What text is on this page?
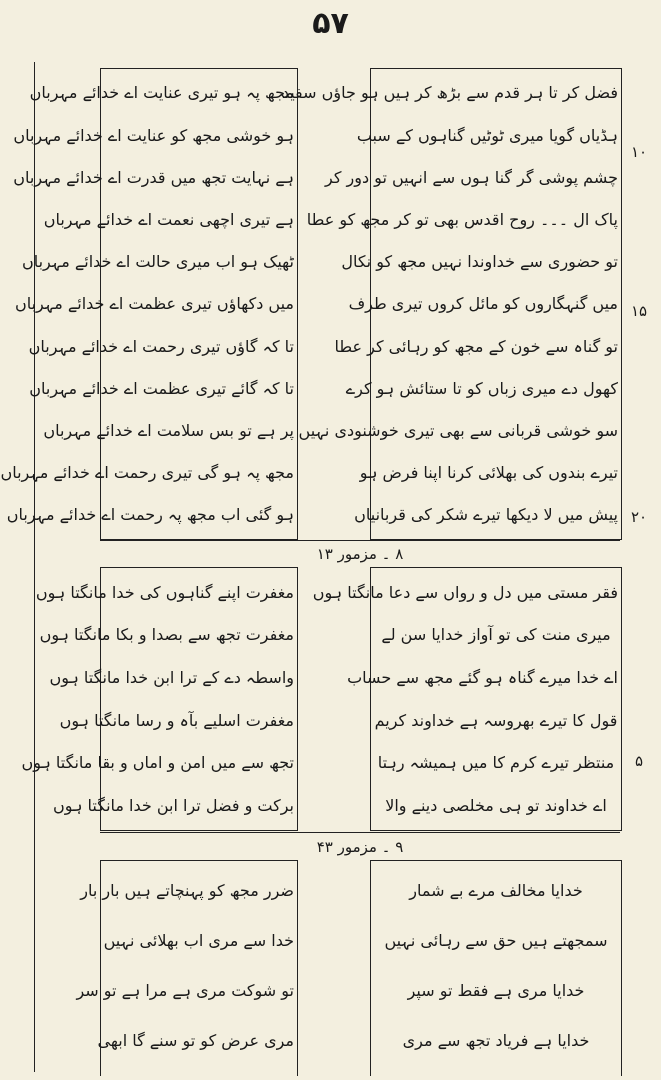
۵۷
فضل کر تا ہر قدم سے بڑھ کر ہیں ہو جاؤں سفید
ہڈیاں گویا میری ٹوٹیں گناہوں کے سبب
چشم پوشی گر گنا ہوں سے انہیں تو دور کر
پاک ال ۔۔۔ روح اقدس بھی تو کر مجھ کو عطا
تو حضوری سے خداوندا نہیں مجھ کو نکال
میں گنہگاروں کو مائل کروں تیری طرف
تو گناہ سے خون کے مجھ کو رہائی کر عطا
کھول دے میری زباں کو تا ستائش ہو کرے
سو خوشی قربانی سے بھی تیری خوشنودی نہیں
تیرے بندوں کی بھلائی کرنا اپنا فرض ہو
پیش میں لا دیکھا تیرے شکر کی قربانیاں
مجھ پہ ہو تیری عنایت اے خدائے مہرباں
ہو خوشی مجھ کو عنایت اے خدائے مہرباں
ہے نہایت تجھ میں قدرت اے خدائے مہرباں
ہے تیری اچھی نعمت اے خدائے مہرباں
ٹھیک ہو اب میری حالت اے خدائے مہرباں
میں دکھاؤں تیری عظمت اے خدائے مہرباں
تا کہ گاؤں تیری رحمت اے خدائے مہرباں
تا کہ گائے تیری عظمت اے خدائے مہرباں
پر ہے تو بس سلامت اے خدائے مہرباں
مجھ پہ ہو گی تیری رحمت اے خدائے مہرباں
ہو گئی اب مجھ پہ رحمت اے خدائے مہرباں
۱۰
۱۵
۲۰
۸ ۔ مزمور ۱۳
فقر مستی میں دل و رواں سے دعا مانگتا ہوں
میری منت کی تو آواز خدایا سن لے
اے خدا میرے گناہ ہو گئے مجھ سے حساب
قول کا تیرے بھروسہ ہے خداوند کریم
منتظر تیرے کرم کا میں ہمیشہ رہتا
اے خداوند تو ہی مخلصی دینے والا
مغفرت اپنے گناہوں کی خدا مانگتا ہوں
مغفرت تجھ سے بصدا و بکا مانگتا ہوں
واسطہ دے کے ترا ابن خدا مانگتا ہوں
مغفرت اسلیے بآہ و رسا مانگتا ہوں
تجھ سے میں امن و اماں و بقا مانگتا ہوں
برکت و فضل ترا ابن خدا مانگتا ہوں
۵
۹ ۔ مزمور ۴۳
خدایا مخالف مرے بے شمار
سمجھتے ہیں حق سے رہائی نہیں
خدایا مری ہے فقط تو سپر
خدایا ہے فریاد تجھ سے مری
ضرر مجھ کو پہنچاتے ہیں بار بار
خدا سے مری اب بھلائی نہیں
تو شوکت مری ہے مرا ہے تو سر
مری عرض کو تو سنے گا ابھی
